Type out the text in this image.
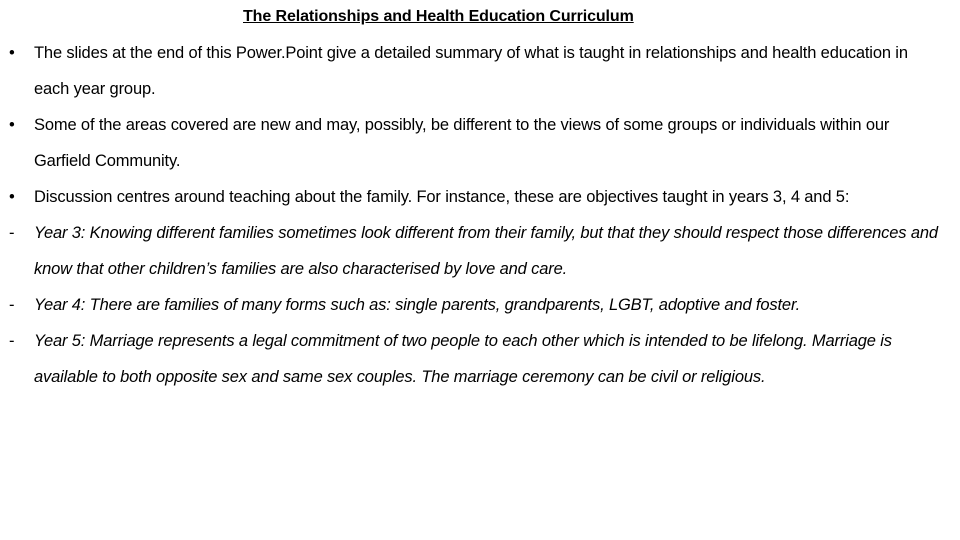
The Relationships and Health Education Curriculum
•	The slides at the end of this Power.Point give a detailed summary of what is taught in relationships and health education in each year group.
•	Some of the areas covered are new and may, possibly, be different to the views of some groups or individuals within our Garfield Community.
•	Discussion centres around teaching about the family. For instance, these are objectives taught in years 3, 4 and 5:
-	Year 3: Knowing different families sometimes look different from their family, but that they should respect those differences and know that other children’s families are also characterised by love and care.
-	Year 4: There are families of many forms such as: single parents, grandparents, LGBT, adoptive and foster.
-	Year 5: Marriage represents a legal commitment of two people to each other which is intended to be lifelong. Marriage is available to both opposite sex and same sex couples. The marriage ceremony can be civil or religious.
